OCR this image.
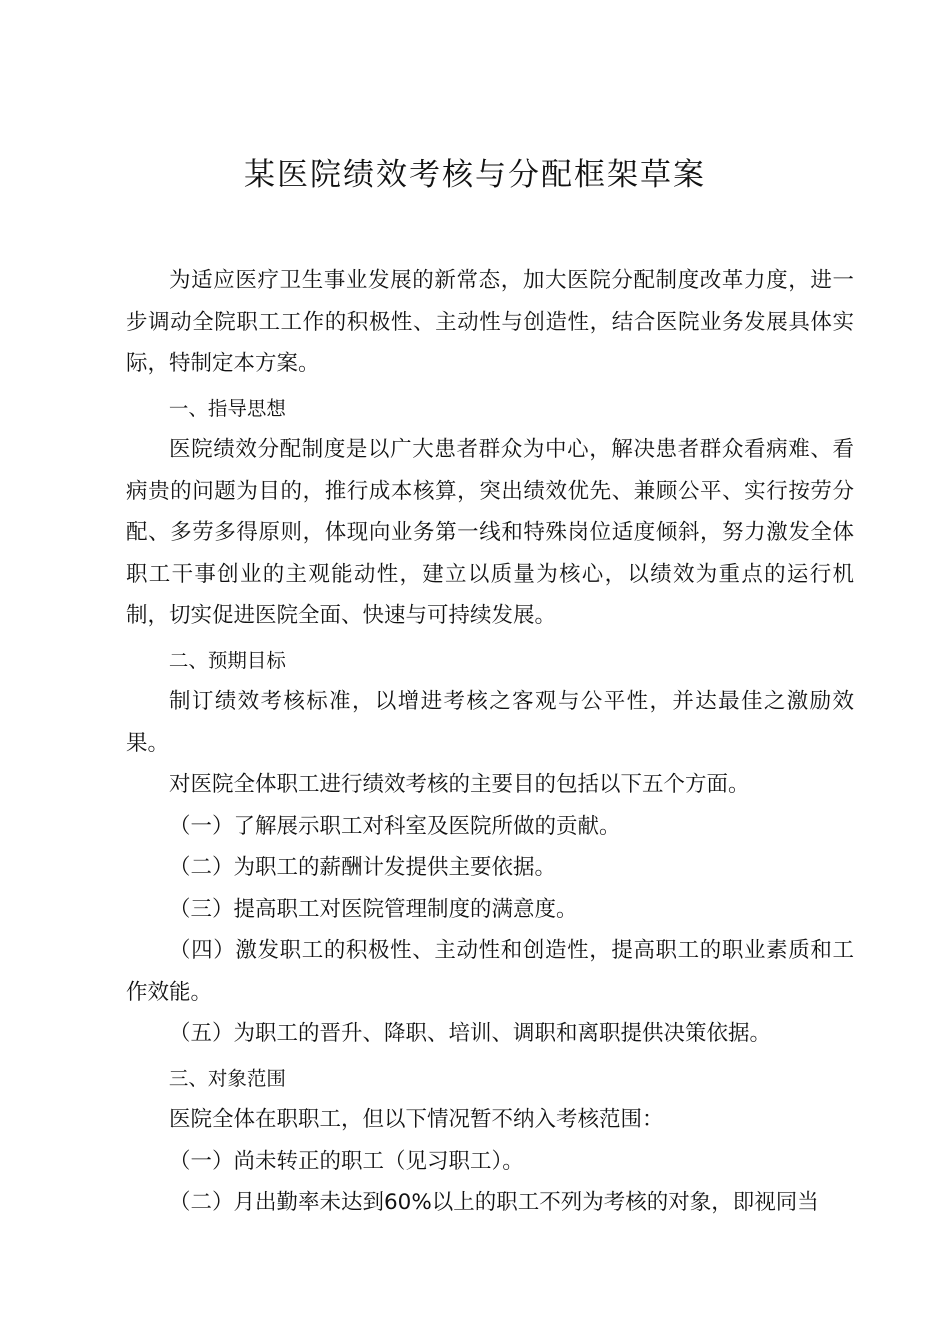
某医院绩效考核与分配框架草案

为适应医疗卫生事业发展的新常态，加大医院分配制度改革力度，进一步调动全院职工工作的积极性、主动性与创造性，结合医院业务发展具体实际，特制定本方案。

一、指导思想

医院绩效分配制度是以广大患者群众为中心，解决患者群众看病难、看病贵的问题为目的，推行成本核算，突出绩效优先、兼顾公平、实行按劳分配、多劳多得原则，体现向业务第一线和特殊岗位适度倾斜，努力激发全体职工干事创业的主观能动性，建立以质量为核心，以绩效为重点的运行机制，切实促进医院全面、快速与可持续发展。

二、预期目标

制订绩效考核标准，以增进考核之客观与公平性，并达最佳之激励效果。

对医院全体职工进行绩效考核的主要目的包括以下五个方面。

（一）了解展示职工对科室及医院所做的贡献。

（二）为职工的薪酬计发提供主要依据。

（三）提高职工对医院管理制度的满意度。

（四）激发职工的积极性、主动性和创造性，提高职工的职业素质和工作效能。

（五）为职工的晋升、降职、培训、调职和离职提供决策依据。

三、对象范围

医院全体在职职工，但以下情况暂不纳入考核范围：

（一）尚未转正的职工（见习职工）。

（二）月出勤率未达到60%以上的职工不列为考核的对象，即视同当
